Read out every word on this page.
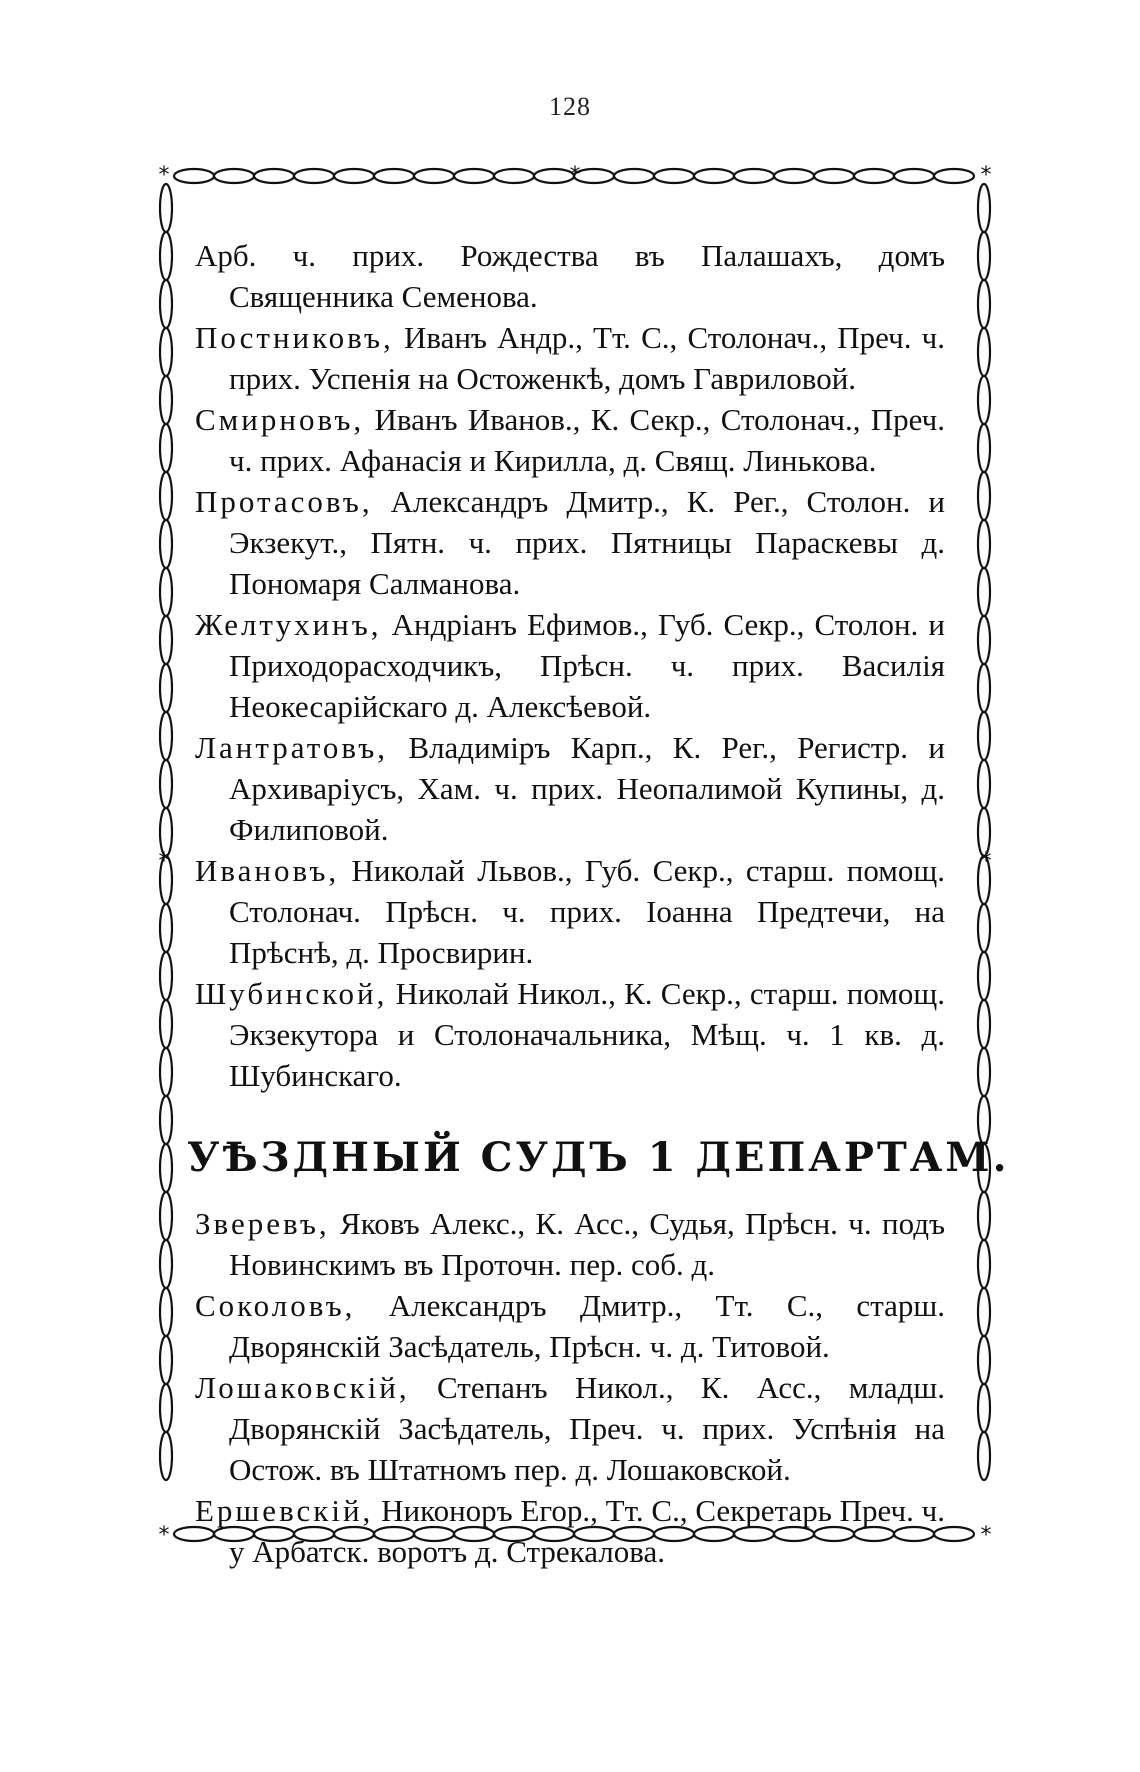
128
*	*
*	*
*
*	*

Арб. ч. прих. Рождества въ Палашахъ, домъ Священника Семенова.

Постниковъ, Иванъ Андр., Тт. С., Столонач., Преч. ч. прих. Успенія на Остоженкѣ, домъ Гавриловой.

Смирновъ, Иванъ Иванов., К. Секр., Столонач., Преч. ч. прих. Афанасія и Кирилла, д. Свящ. Линькова.

Протасовъ, Александръ Дмитр., К. Рег., Столон. и Экзекут., Пятн. ч. прих. Пятницы Параскевы д. Пономаря Салманова.

Желтухинъ, Андріанъ Ефимов., Губ. Секр., Столон. и Приходорасходчикъ, Прѣсн. ч. прих. Василія Неокесарійскаго д. Алексѣевой.

Лантратовъ, Владиміръ Карп., К. Рег., Регистр. и Архиваріусъ, Хам. ч. прих. Неопалимой Купины, д. Филиповой.

Ивановъ, Николай Львов., Губ. Секр., старш. помощ. Столонач. Прѣсн. ч. прих. Іоанна Предтечи, на Прѣснѣ, д. Просвирин.

Шубинской, Николай Никол., К. Секр., старш. помощ. Экзекутора и Столоначальника, Мѣщ. ч. 1 кв. д. Шубинскаго.

УѢЗДНЫЙ СУДЪ 1 ДЕПАРТАМ.

Зверевъ, Яковъ Алекс., К. Асс., Судья, Прѣсн. ч. подъ Новинскимъ въ Проточн. пер. соб. д.

Соколовъ, Александръ Дмитр., Тт. С., старш. Дворянскій Засѣдатель, Прѣсн. ч. д. Титовой.

Лошаковскій, Степанъ Никол., К. Асс., младш. Дворянскій Засѣдатель, Преч. ч. прих. Успѣнія на Остож. въ Штатномъ пер. д. Лошаковской.

Ершевскій, Никоноръ Егор., Тт. С., Секретарь Преч. ч. у Арбатск. воротъ д. Стрекалова.
